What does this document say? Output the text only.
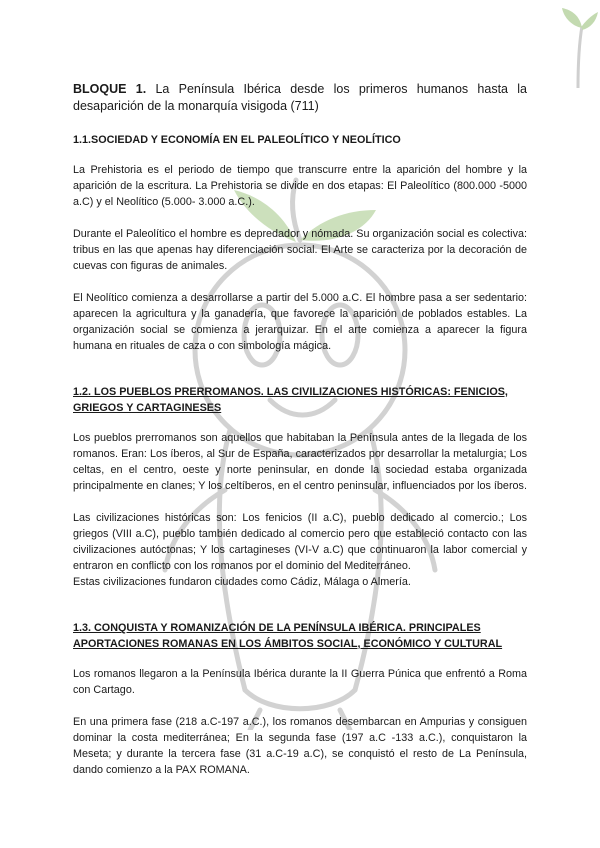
BLOQUE 1. La Península Ibérica desde los primeros humanos hasta la desaparición de la monarquía visigoda (711)
1.1.SOCIEDAD Y ECONOMÍA EN EL PALEOLÍTICO Y NEOLÍTICO

La Prehistoria es el periodo de tiempo que transcurre entre la aparición del hombre y la aparición de la escritura. La Prehistoria se divide en dos etapas: El Paleolítico (800.000 -5000 a.C) y el Neolítico (5.000- 3.000 a.C.).

Durante el Paleolítico el hombre es depredador y nómada. Su organización social es colectiva: tribus en las que apenas hay diferenciación social. El Arte se caracteriza por la decoración de cuevas con figuras de animales.

El Neolítico comienza a desarrollarse a partir del 5.000 a.C. El hombre pasa a ser sedentario: aparecen la agricultura y la ganadería, que favorece la aparición de poblados estables. La organización social se comienza a jerarquizar. En el arte comienza a aparecer la figura humana en rituales de caza o con simbología mágica.

1.2. LOS PUEBLOS PRERROMANOS. LAS CIVILIZACIONES HISTÓRICAS: FENICIOS, GRIEGOS Y CARTAGINESES

Los pueblos prerromanos son aquellos que habitaban la Península antes de la llegada de los romanos. Eran: Los íberos, al Sur de España, caracterizados por desarrollar la metalurgia; Los celtas, en el centro, oeste y norte peninsular, en donde la sociedad estaba organizada principalmente en clanes; Y los celtíberos, en el centro peninsular, influenciados por los íberos.

Las civilizaciones históricas son: Los fenicios (II a.C), pueblo dedicado al comercio.; Los griegos (VIII a.C), pueblo también dedicado al comercio pero que estableció contacto con las civilizaciones autóctonas; Y los cartagineses (VI-V a.C) que continuaron la labor comercial y entraron en conflicto con los romanos por el dominio del Mediterráneo.

Estas civilizaciones fundaron ciudades como Cádiz, Málaga o Almería.

1.3. CONQUISTA Y ROMANIZACIÓN DE LA PENÍNSULA IBÉRICA. PRINCIPALES APORTACIONES ROMANAS EN LOS ÁMBITOS SOCIAL, ECONÓMICO Y CULTURAL

Los romanos llegaron a la Península Ibérica durante la II Guerra Púnica que enfrentó a Roma con Cartago.

En una primera fase (218 a.C-197 a.C.), los romanos desembarcan en Ampurias y consiguen dominar la costa mediterránea; En la segunda fase (197 a.C -133 a.C.), conquistaron la Meseta; y durante la tercera fase (31 a.C-19 a.C), se conquistó el resto de La Península, dando comienzo a la PAX ROMANA.
